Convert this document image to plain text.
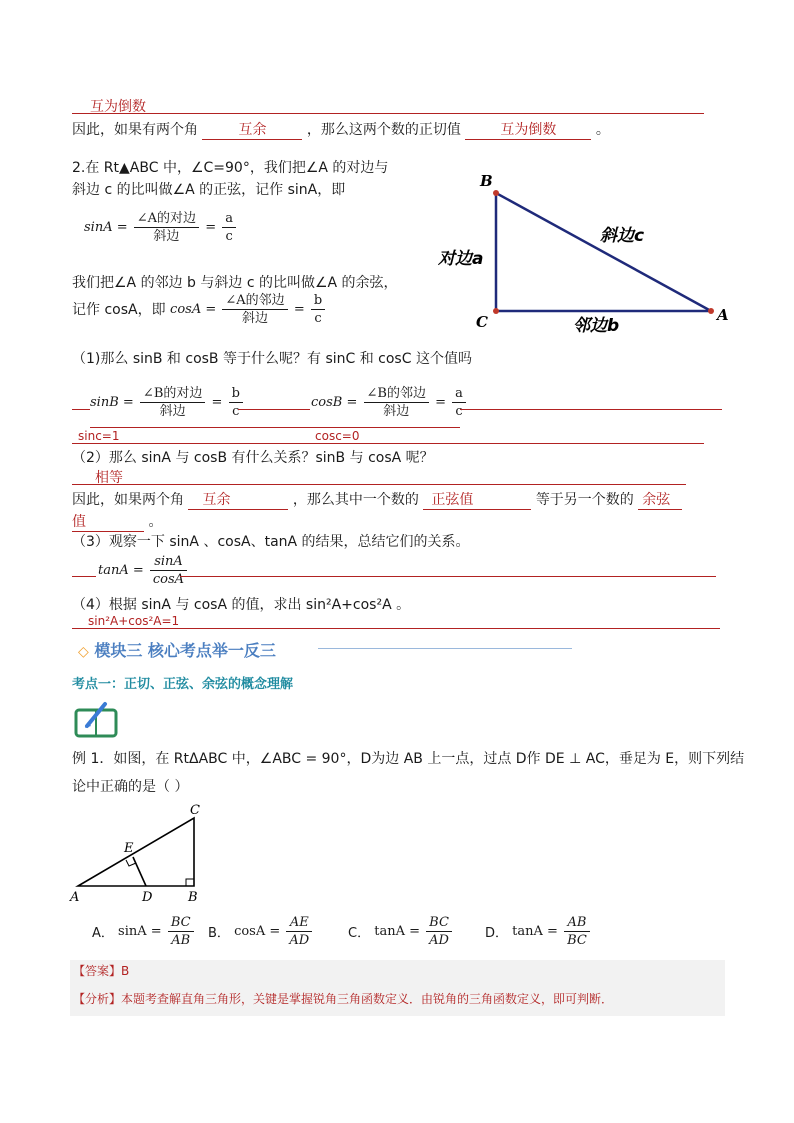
互为倒数
因此，如果有两个角	互余	，那么这两个数的正切值	互为倒数	。
2.在 Rt▲ABC 中，∠C=90°，我们把∠A 的对边与
斜边 c 的比叫做∠A 的正弦，记作 sinA，即
$\sin A = \frac{\text{∠A的对边}}{\text{斜边}} = \frac{a}{c}$
我们把∠A 的邻边 b 与斜边 c 的比叫做∠A 的余弦，
记作 cosA，即 $\cos A = \frac{\text{∠A的邻边}}{\text{斜边}} = \frac{b}{c}$
B
C	A
对边a
斜边c
邻边b
（1)那么 sinB 和 cosB 等于什么呢？有 sinC 和 cosC 这个值吗
$\sin B = \frac{\text{∠B的对边}}{\text{斜边}} = \frac{b}{c}$	$\cos B = \frac{\text{∠B的邻边}}{\text{斜边}} = \frac{a}{c}$
sinc=1	cosc=0
（2）那么 sinA 与 cosB 有什么关系？sinB 与 cosA 呢？
相等
因此，如果两个角 互余	，那么其中一个数的 正弦值	等于另一个数的 余弦
值	。
（3）观察一下 sinA 、cosA、tanA 的结果，总结它们的关系。
$\tan A = \frac{\sin A}{\cos A}$
（4）根据 sinA 与 cosA 的值，求出 sin²A+cos²A 。
sin²A+cos²A=1
◇ 模块三 核心考点举一反三
考点一：正切、正弦、余弦的概念理解
例 1．如图，在 RtΔABC 中，∠ABC = 90°，D为边 AB 上一点，过点 D作 DE ⊥ AC，垂足为 E，则下列结
论中正确的是（ ）
C
E
A	D	B
A． $\sin A = \frac{BC}{AB}$ B． $\cos A = \frac{AE}{AD}$	C． $\tan A = \frac{BC}{AD}$	D． $\tan A = \frac{AB}{BC}$
【答案】B
【分析】本题考查解直角三角形，关键是掌握锐角三角函数定义．由锐角的三角函数定义，即可判断．
